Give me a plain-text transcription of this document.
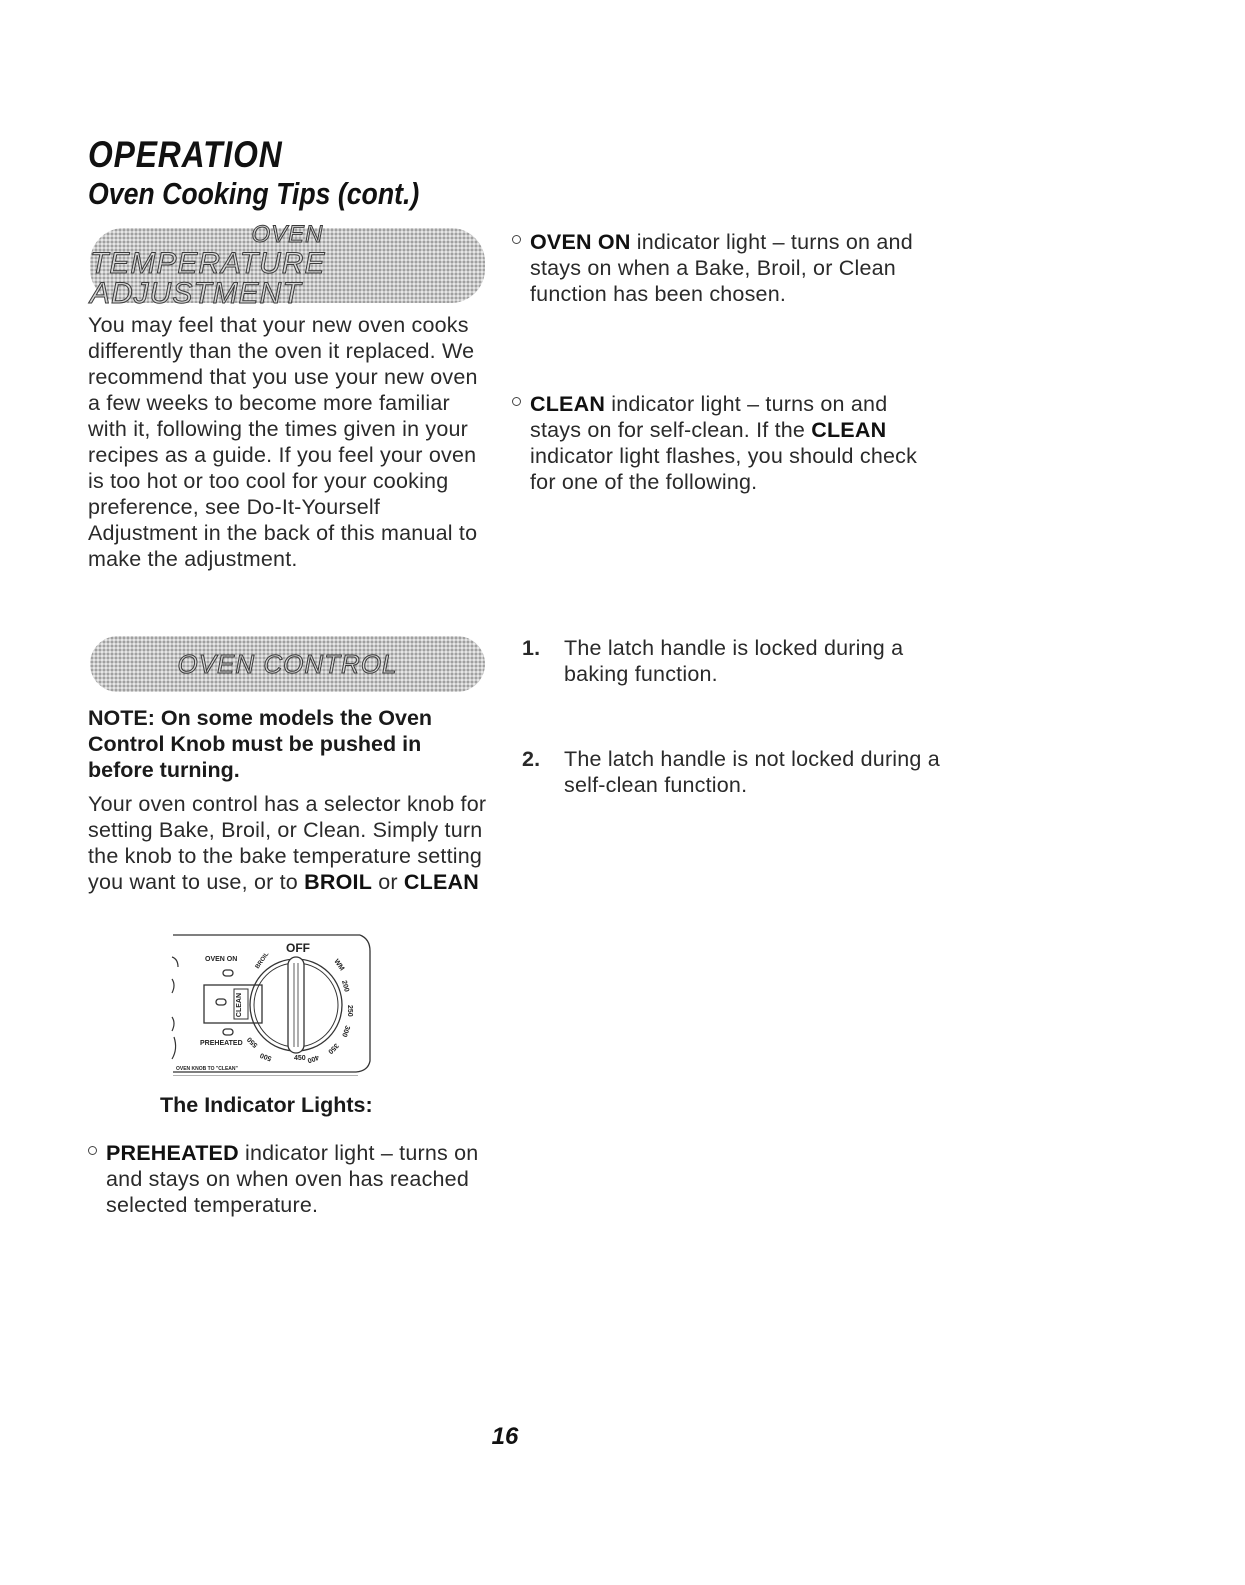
OPERATION
Oven Cooking Tips (cont.)
OVEN
TEMPERATURE ADJUSTMENT

You may feel that your new oven cooks differently than the oven it replaced. We recommend that you use your new oven a few weeks to become more familiar with it, following the times given in your recipes as a guide. If you feel your oven is too hot or too cool for your cooking preference, see Do-It-Yourself Adjustment in the back of this manual to make the adjustment.

OVEN CONTROL

NOTE: On some models the Oven Control Knob must be pushed in before turning.

Your oven control has a selector knob for setting Bake, Broil, or Clean. Simply turn the knob to the bake temperature setting you want to use, or to BROIL or CLEAN

CLEAN
OVEN ON
PREHEATED
OFF
BROIL	WM
200
250
300
350
400
450
500
550
OVEN KNOB TO "CLEAN"

The Indicator Lights:

PREHEATED indicator light – turns on and stays on when oven has reached selected temperature.
OVEN ON indicator light – turns on and stays on when a Bake, Broil, or Clean function has been chosen.
CLEAN indicator light – turns on and stays on for self-clean. If the CLEAN indicator light flashes, you should check for one of the following.
1. The latch handle is locked during a baking function.
2. The latch handle is not locked during a self-clean function.

16
